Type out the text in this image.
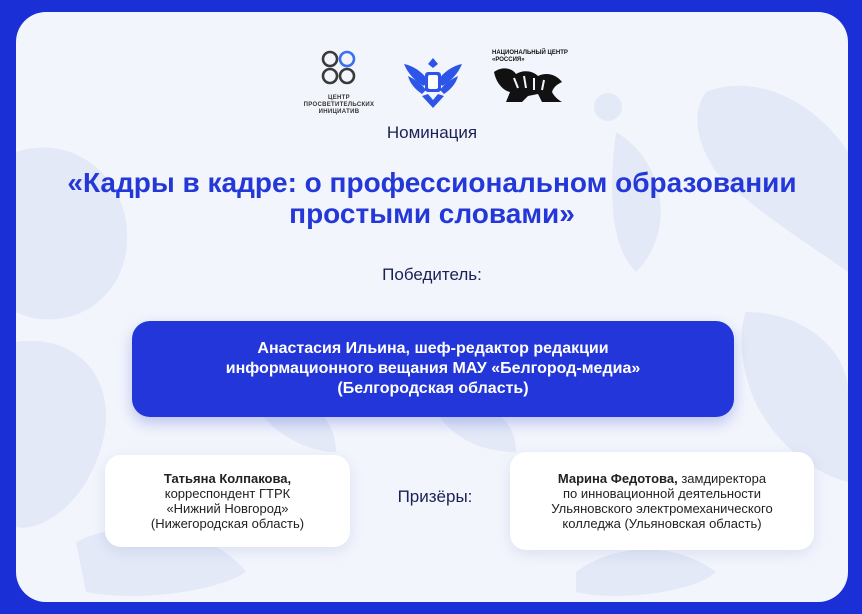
ЦЕНТР
ПРОСВЕТИТЕЛЬСКИХ
ИНИЦИАТИВ
НАЦИОНАЛЬНЫЙ ЦЕНТР
«РОССИЯ»
Номинация
«Кадры в кадре: о профессиональном образовании простыми словами»
Победитель:
Анастасия Ильина, шеф-редактор редакции
информационного вещания МАУ «Белгород-медиа»
(Белгородская область)
Татьяна Колпакова,
корреспондент ГТРК
«Нижний Новгород»
(Нижегородская область)
Призёры:
Марина Федотова, замдиректора
по инновационной деятельности
Ульяновского электромеханического
колледжа (Ульяновская область)
